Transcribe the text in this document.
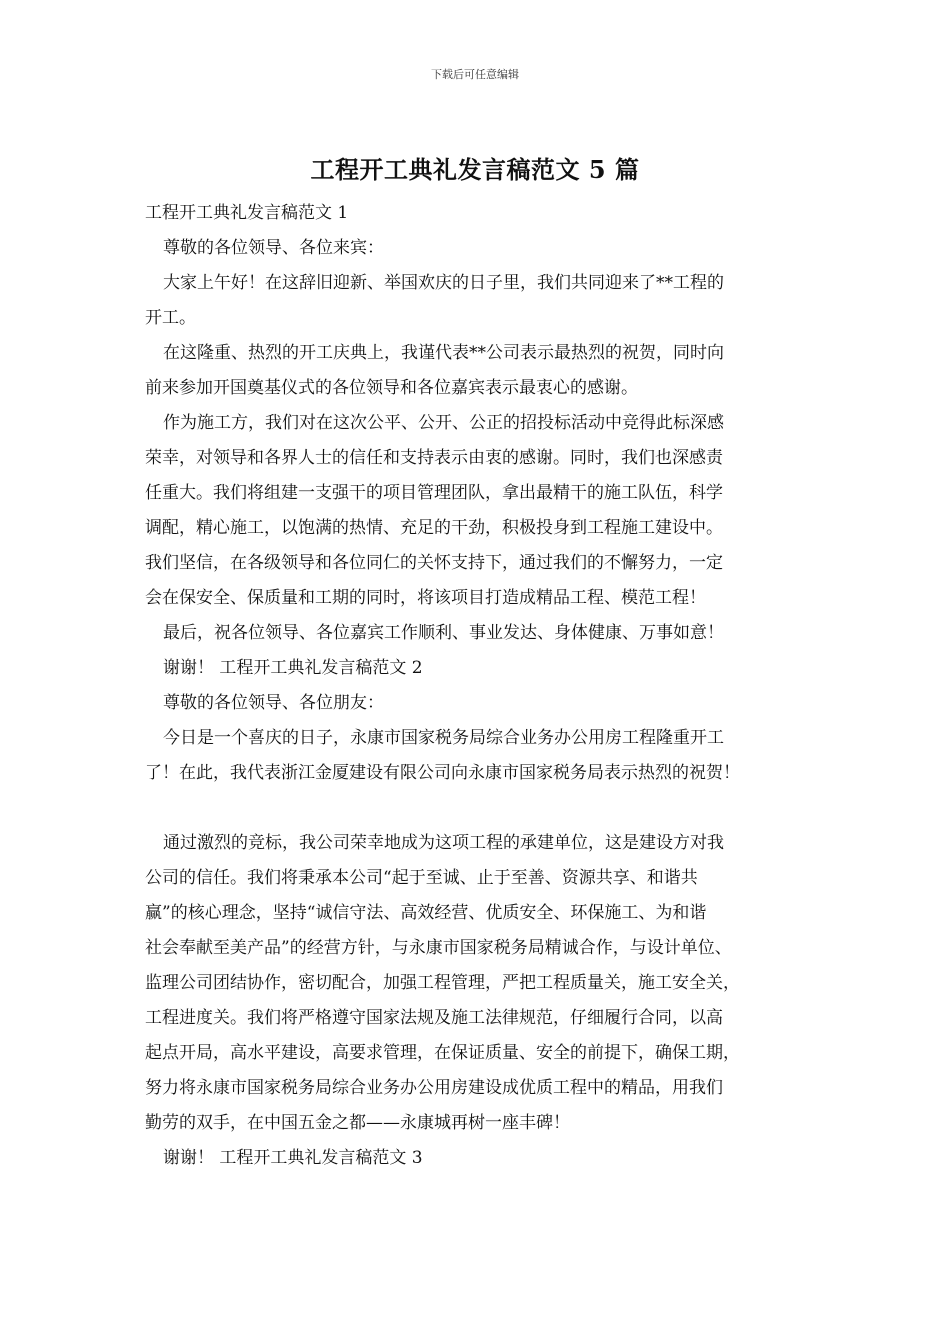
下载后可任意编辑
工程开工典礼发言稿范文 5 篇
工程开工典礼发言稿范文 1
尊敬的各位领导、各位来宾：
大家上午好！在这辞旧迎新、举国欢庆的日子里，我们共同迎来了**工程的
开工。
在这隆重、热烈的开工庆典上，我谨代表**公司表示最热烈的祝贺，同时向
前来参加开国奠基仪式的各位领导和各位嘉宾表示最衷心的感谢。
作为施工方，我们对在这次公平、公开、公正的招投标活动中竞得此标深感
荣幸，对领导和各界人士的信任和支持表示由衷的感谢。同时，我们也深感责
任重大。我们将组建一支强干的项目管理团队，拿出最精干的施工队伍，科学
调配，精心施工，以饱满的热情、充足的干劲，积极投身到工程施工建设中。
我们坚信，在各级领导和各位同仁的关怀支持下，通过我们的不懈努力，一定
会在保安全、保质量和工期的同时，将该项目打造成精品工程、模范工程！
最后，祝各位领导、各位嘉宾工作顺利、事业发达、身体健康、万事如意！
谢谢！ 工程开工典礼发言稿范文 2
尊敬的各位领导、各位朋友：
今日是一个喜庆的日子，永康市国家税务局综合业务办公用房工程隆重开工
了！在此，我代表浙江金厦建设有限公司向永康市国家税务局表示热烈的祝贺！
通过激烈的竞标，我公司荣幸地成为这项工程的承建单位，这是建设方对我
公司的信任。我们将秉承本公司“起于至诚、止于至善、资源共享、和谐共
赢”的核心理念，坚持“诚信守法、高效经营、优质安全、环保施工、为和谐
社会奉献至美产品”的经营方针，与永康市国家税务局精诚合作，与设计单位、
监理公司团结协作，密切配合，加强工程管理，严把工程质量关，施工安全关，
工程进度关。我们将严格遵守国家法规及施工法律规范，仔细履行合同，以高
起点开局，高水平建设，高要求管理，在保证质量、安全的前提下，确保工期，
努力将永康市国家税务局综合业务办公用房建设成优质工程中的精品，用我们
勤劳的双手，在中国五金之都——永康城再树一座丰碑！
谢谢！ 工程开工典礼发言稿范文 3
